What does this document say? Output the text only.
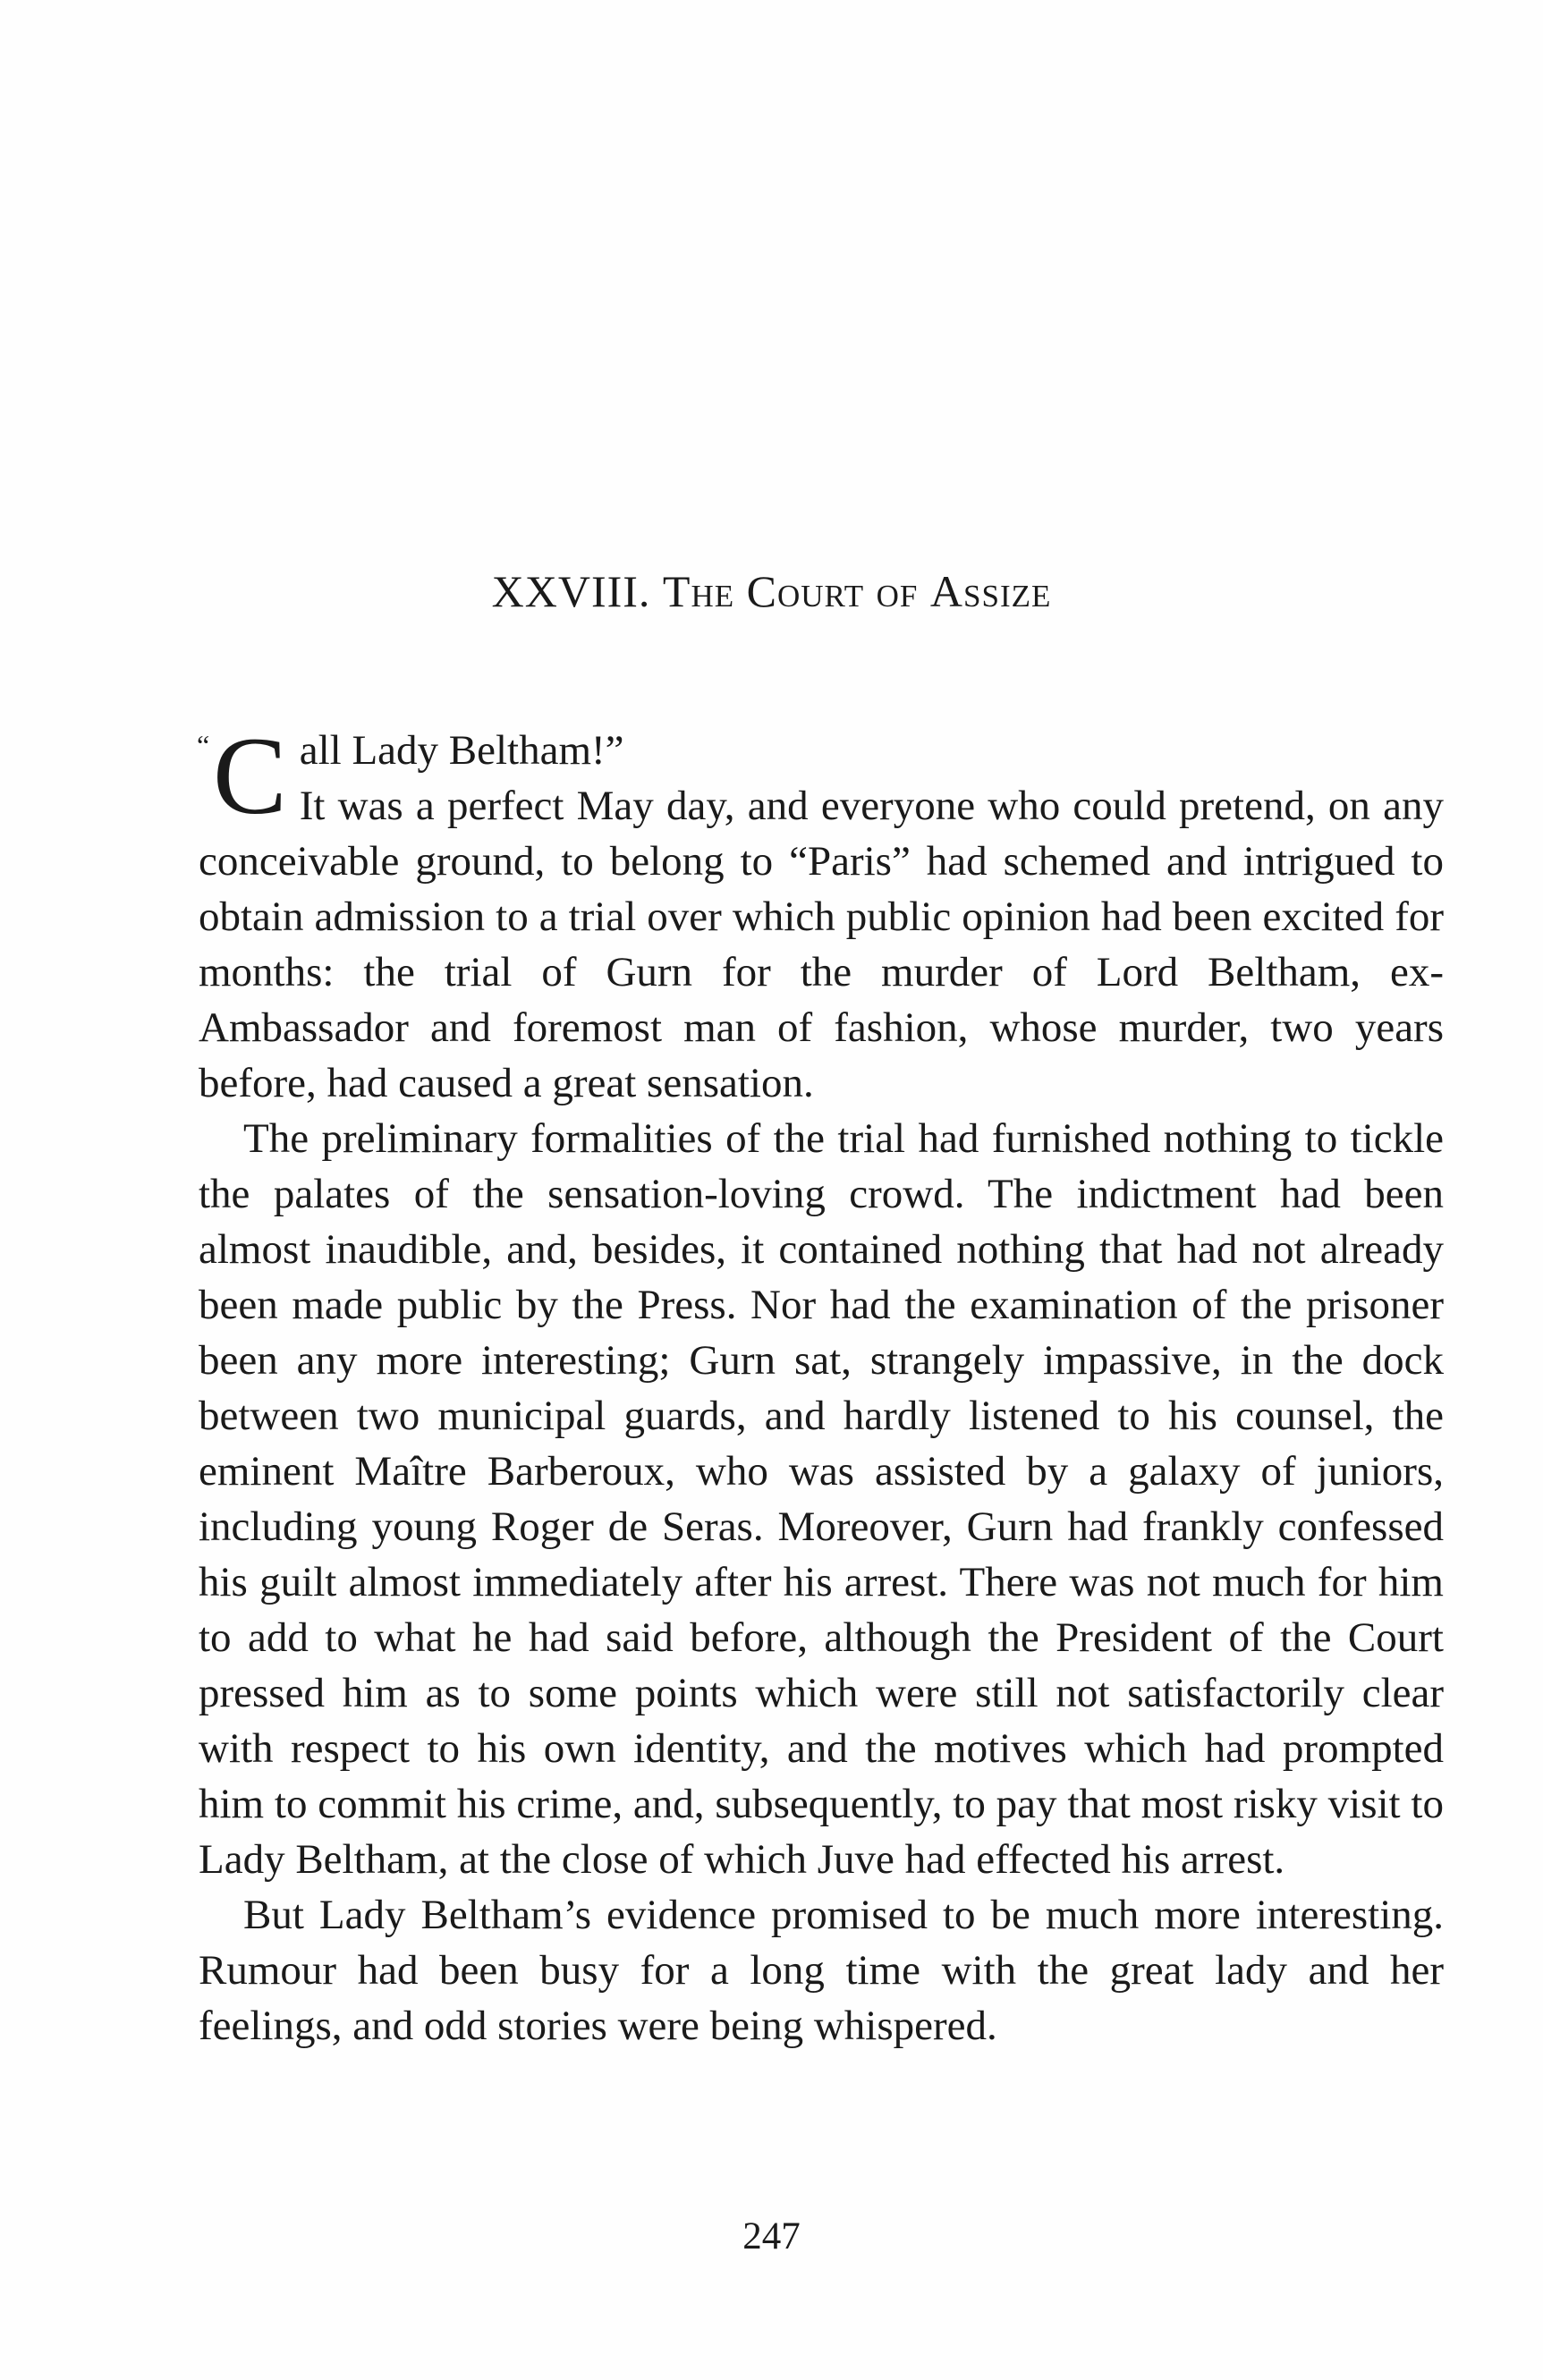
XXVIII. The Court of Assize

“ C all Lady Beltham!”
It was a perfect May day, and everyone who could pretend, on any conceivable ground, to belong to “Paris” had schemed and intrigued to obtain admission to a trial over which public opinion had been excited for months: the trial of Gurn for the murder of Lord Beltham, ex-Ambassador and foremost man of fashion, whose murder, two years before, had caused a great sensation.

The preliminary formalities of the trial had furnished nothing to tickle the palates of the sensation-loving crowd. The indictment had been almost inaudible, and, besides, it contained nothing that had not already been made public by the Press. Nor had the examination of the prisoner been any more interesting; Gurn sat, strangely impassive, in the dock between two municipal guards, and hardly listened to his counsel, the eminent Maître Barberoux, who was assisted by a galaxy of juniors, including young Roger de Seras. Moreover, Gurn had frankly confessed his guilt almost immediately after his arrest. There was not much for him to add to what he had said before, although the President of the Court pressed him as to some points which were still not satisfactorily clear with respect to his own identity, and the motives which had prompted him to commit his crime, and, subsequently, to pay that most risky visit to Lady Beltham, at the close of which Juve had effected his arrest.

But Lady Beltham’s evidence promised to be much more interesting. Rumour had been busy for a long time with the great lady and her feelings, and odd stories were being whispered.

247
